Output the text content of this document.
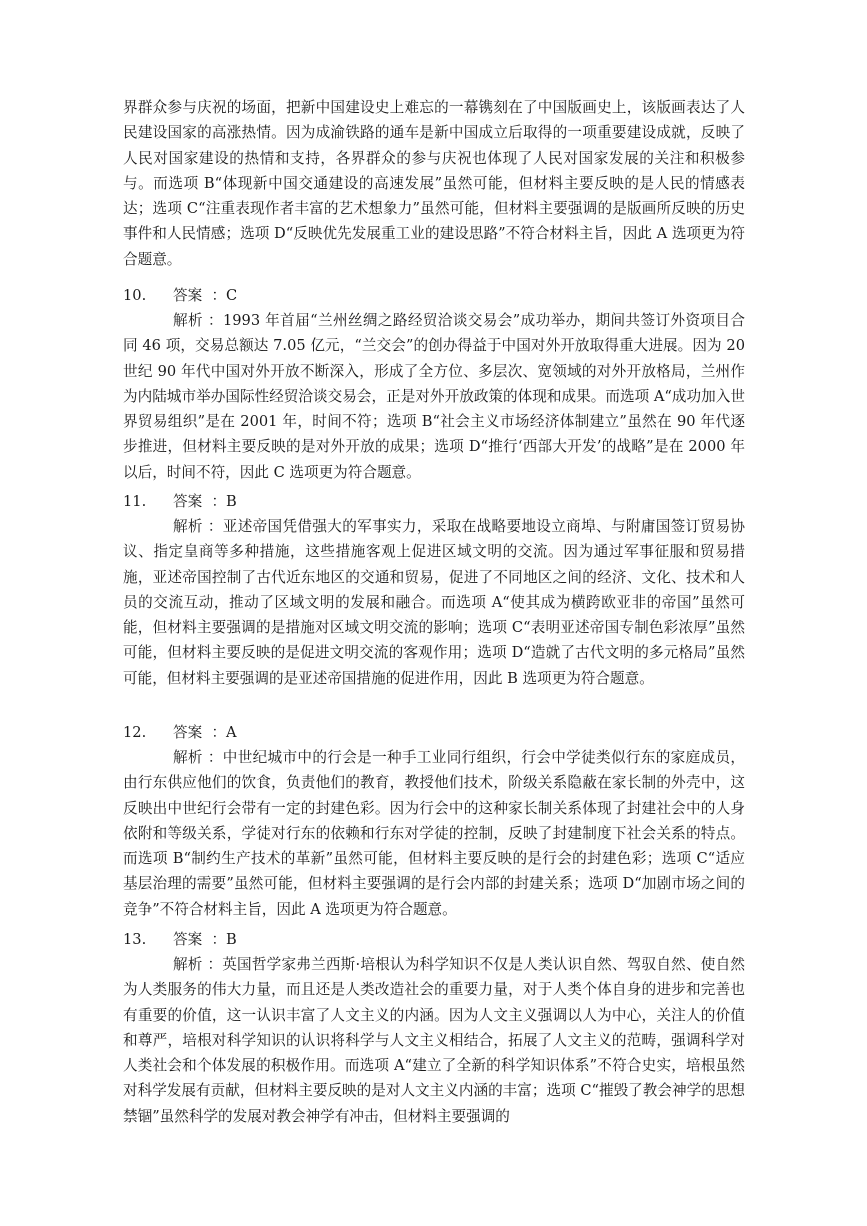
界群众参与庆祝的场面，把新中国建设史上难忘的一幕镌刻在了中国版画史上，该版画表达了人民建设国家的高涨热情。因为成渝铁路的通车是新中国成立后取得的一项重要建设成就，反映了人民对国家建设的热情和支持，各界群众的参与庆祝也体现了人民对国家发展的关注和积极参与。而选项 B“体现新中国交通建设的高速发展”虽然可能，但材料主要反映的是人民的情感表达；选项 C“注重表现作者丰富的艺术想象力”虽然可能，但材料主要强调的是版画所反映的历史事件和人民情感；选项 D“反映优先发展重工业的建设思路”不符合材料主旨，因此 A 选项更为符合题意。

10. 答案  ：C

解析 ：1993 年首届“兰州丝绸之路经贸洽谈交易会”成功举办，期间共签订外资项目合同 46 项，交易总额达 7.05 亿元，“兰交会”的创办得益于中国对外开放取得重大进展。因为 20 世纪 90 年代中国对外开放不断深入，形成了全方位、多层次、宽领域的对外开放格局，兰州作为内陆城市举办国际性经贸洽谈交易会，正是对外开放政策的体现和成果。而选项 A“成功加入世界贸易组织”是在 2001 年，时间不符；选项 B“社会主义市场经济体制建立”虽然在 90 年代逐步推进，但材料主要反映的是对外开放的成果；选项 D“推行‘西部大开发’的战略”是在 2000 年以后，时间不符，因此 C 选项更为符合题意。

11. 答案  ：B

解析 ：亚述帝国凭借强大的军事实力，采取在战略要地设立商埠、与附庸国签订贸易协议、指定皇商等多种措施，这些措施客观上促进区域文明的交流。因为通过军事征服和贸易措施，亚述帝国控制了古代近东地区的交通和贸易，促进了不同地区之间的经济、文化、技术和人员的交流互动，推动了区域文明的发展和融合。而选项 A“使其成为横跨欧亚非的帝国”虽然可能，但材料主要强调的是措施对区域文明交流的影响；选项 C“表明亚述帝国专制色彩浓厚”虽然可能，但材料主要反映的是促进文明交流的客观作用；选项 D“造就了古代文明的多元格局”虽然可能，但材料主要强调的是亚述帝国措施的促进作用，因此 B 选项更为符合题意。

12. 答案  ：A

解析 ：中世纪城市中的行会是一种手工业同行组织，行会中学徒类似行东的家庭成员，由行东供应他们的饮食，负责他们的教育，教授他们技术，阶级关系隐蔽在家长制的外壳中，这反映出中世纪行会带有一定的封建色彩。因为行会中的这种家长制关系体现了封建社会中的人身依附和等级关系，学徒对行东的依赖和行东对学徒的控制，反映了封建制度下社会关系的特点。而选项 B“制约生产技术的革新”虽然可能，但材料主要反映的是行会的封建色彩；选项 C“适应基层治理的需要”虽然可能，但材料主要强调的是行会内部的封建关系；选项 D“加剧市场之间的竞争”不符合材料主旨，因此 A 选项更为符合题意。

13. 答案  ：B

解析 ：英国哲学家弗兰西斯·培根认为科学知识不仅是人类认识自然、驾驭自然、使自然为人类服务的伟大力量，而且还是人类改造社会的重要力量，对于人类个体自身的进步和完善也有重要的价值，这一认识丰富了人文主义的内涵。因为人文主义强调以人为中心，关注人的价值和尊严，培根对科学知识的认识将科学与人文主义相结合，拓展了人文主义的范畴，强调科学对人类社会和个体发展的积极作用。而选项 A“建立了全新的科学知识体系”不符合史实，培根虽然对科学发展有贡献，但材料主要反映的是对人文主义内涵的丰富；选项 C“摧毁了教会神学的思想禁锢”虽然科学的发展对教会神学有冲击，但材料主要强调的
